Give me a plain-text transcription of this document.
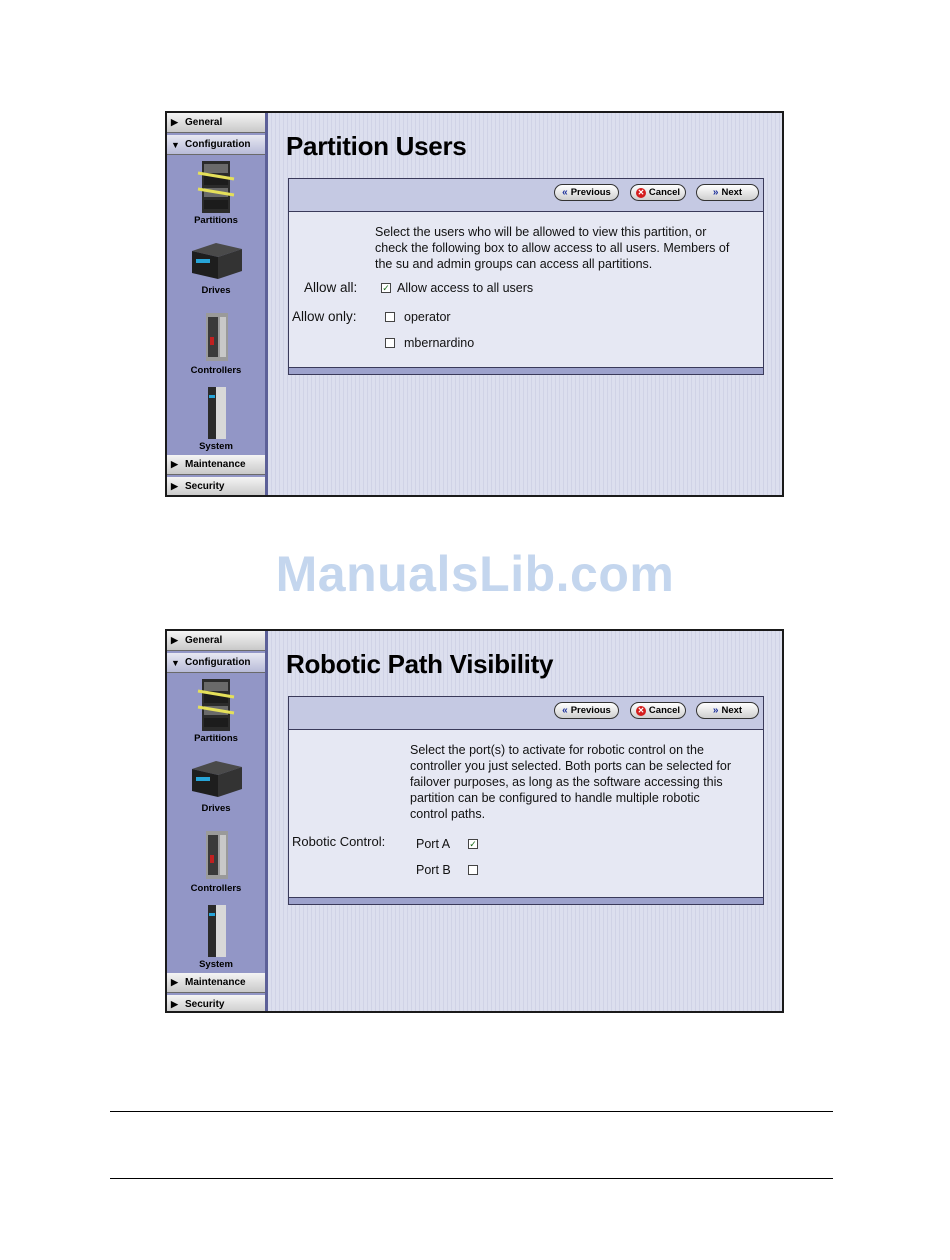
ManualsLib.com
▶ General
▼ Configuration
Partitions
Drives
Controllers
System
▶ Maintenance
▶ Security
Partition Users
« Previous	✕ Cancel	» Next
Select the users who will be allowed to view this partition, or
check the following box to allow access to all users. Members of
the su and admin groups can access all partitions.
Allow all:	✓ Allow access to all users
Allow only:	operator
mbernardino
▶ General
▼ Configuration
Partitions
Drives
Controllers
System
▶ Maintenance
▶ Security
Robotic Path Visibility
« Previous	✕ Cancel	» Next
Select the port(s) to activate for robotic control on the
controller you just selected. Both ports can be selected for
failover purposes, as long as the software accessing this
partition can be configured to handle multiple robotic
control paths.
Robotic Control: Port A ✓
Port B
